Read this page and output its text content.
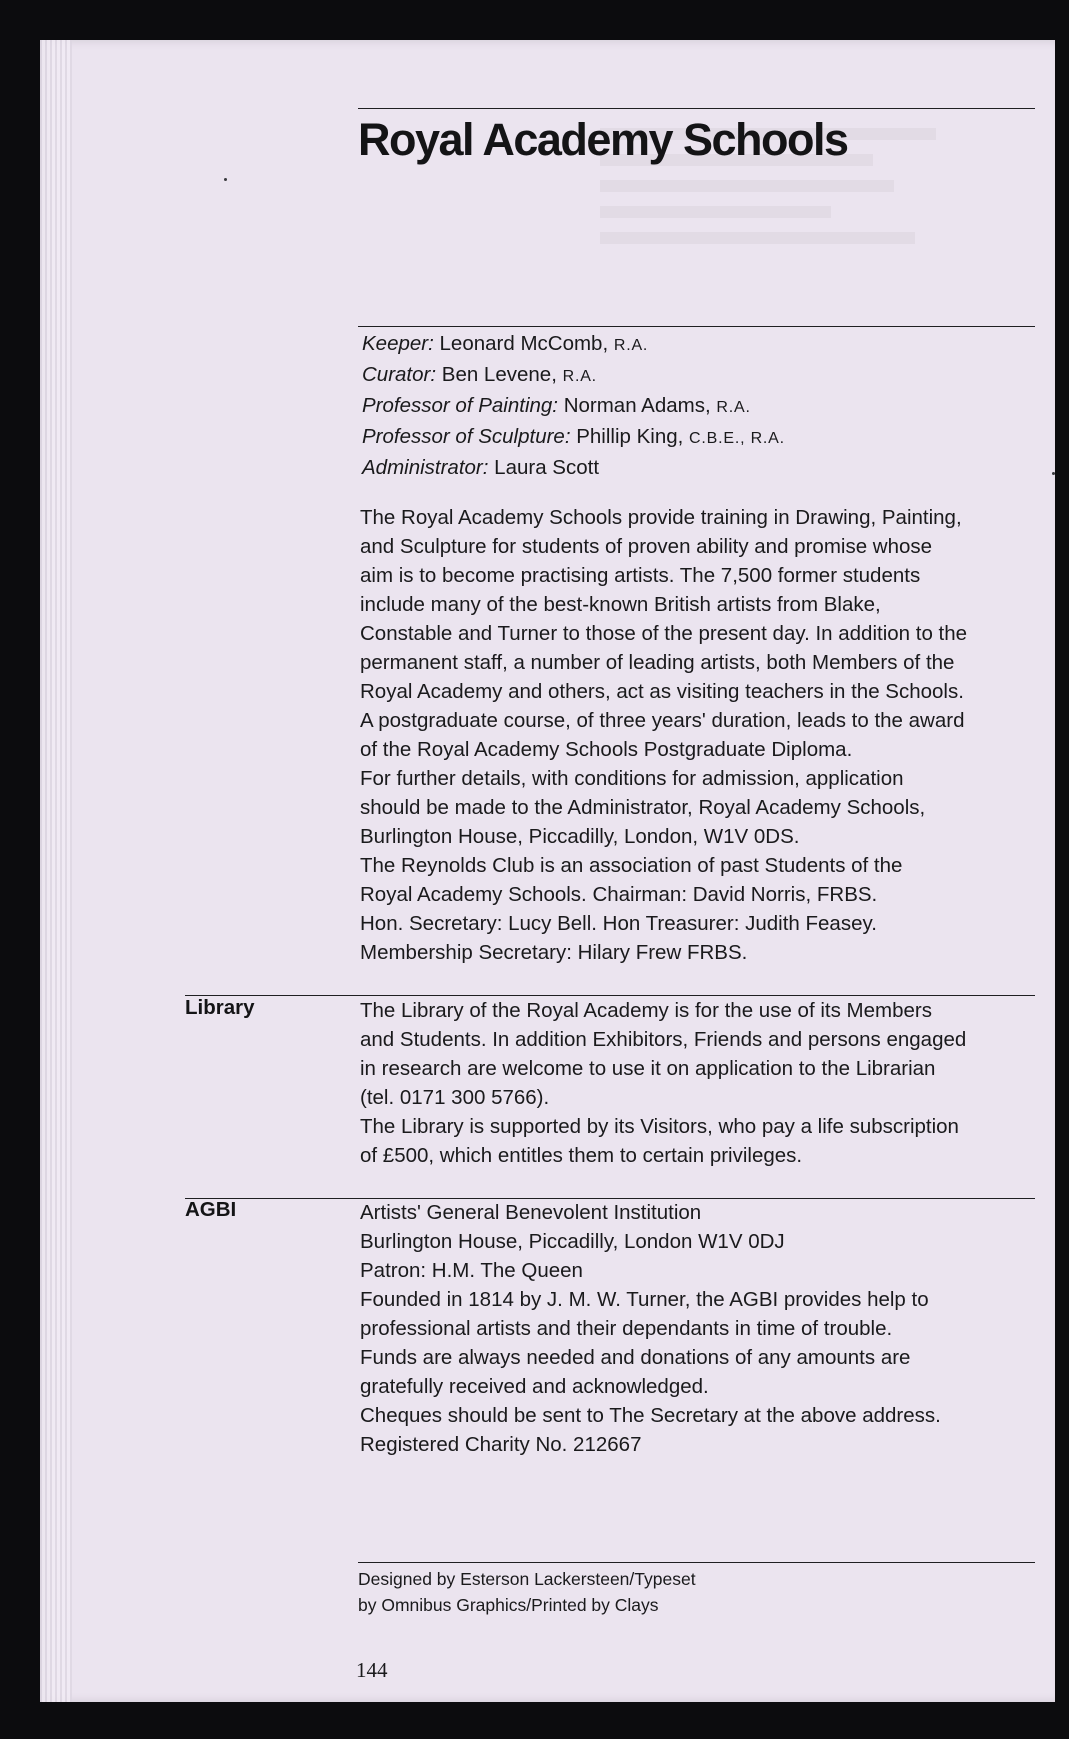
Royal Academy Schools
Keeper: Leonard McComb, R.A.
Curator: Ben Levene, R.A.
Professor of Painting: Norman Adams, R.A.
Professor of Sculpture: Phillip King, C.B.E., R.A.
Administrator: Laura Scott

The Royal Academy Schools provide training in Drawing, Painting,

and Sculpture for students of proven ability and promise whose

aim is to become practising artists. The 7,500 former students

include many of the best-known British artists from Blake,

Constable and Turner to those of the present day. In addition to the

permanent staff, a number of leading artists, both Members of the

Royal Academy and others, act as visiting teachers in the Schools.

A postgraduate course, of three years' duration, leads to the award

of the Royal Academy Schools Postgraduate Diploma.

For further details, with conditions for admission, application

should be made to the Administrator, Royal Academy Schools,

Burlington House, Piccadilly, London, W1V 0DS.

The Reynolds Club is an association of past Students of the

Royal Academy Schools. Chairman: David Norris, FRBS.

Hon. Secretary: Lucy Bell. Hon Treasurer: Judith Feasey.

Membership Secretary: Hilary Frew FRBS.

Library	The Library of the Royal Academy is for the use of its Members

and Students. In addition Exhibitors, Friends and persons engaged

in research are welcome to use it on application to the Librarian

(tel. 0171 300 5766).

The Library is supported by its Visitors, who pay a life subscription

of £500, which entitles them to certain privileges.

AGBI	Artists' General Benevolent Institution

Burlington House, Piccadilly, London W1V 0DJ

Patron: H.M. The Queen

Founded in 1814 by J. M. W. Turner, the AGBI provides help to

professional artists and their dependants in time of trouble.

Funds are always needed and donations of any amounts are

gratefully received and acknowledged.

Cheques should be sent to The Secretary at the above address.

Registered Charity No. 212667

Designed by Esterson Lackersteen/Typeset

by Omnibus Graphics/Printed by Clays

144
